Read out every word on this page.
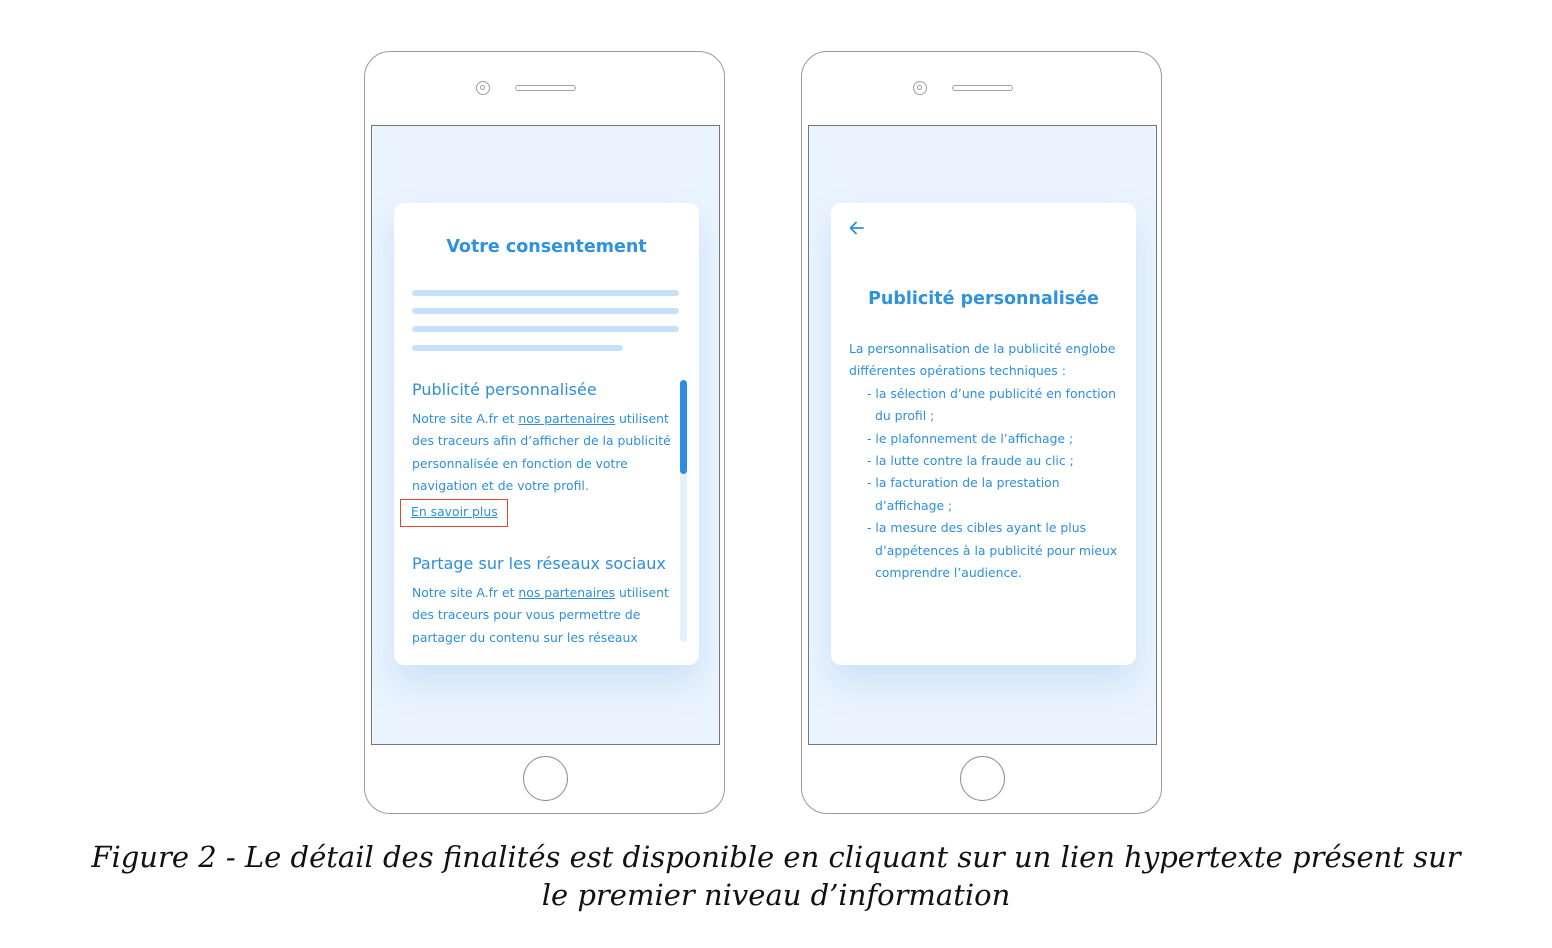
Votre consentement
Publicité personnalisée
Notre site A.fr et nos partenaires utilisent des traceurs afin d’afficher de la publicité personnalisée en fonction de votre navigation et de votre profil.
En savoir plus
Partage sur les réseaux sociaux
Notre site A.fr et nos partenaires utilisent des traceurs pour vous permettre de partager du contenu sur les réseaux
Publicité personnalisée
La personnalisation de la publicité englobe différentes opérations techniques :
- la sélection d’une publicité en fonction du profil ;
- le plafonnement de l’affichage ;
- la lutte contre la fraude au clic ;
- la facturation de la prestation d’affichage ;
- la mesure des cibles ayant le plus d’appétences à la publicité pour mieux comprendre l’audience.
Figure 2 - Le détail des finalités est disponible en cliquant sur un lien hypertexte présent sur
le premier niveau d’information
